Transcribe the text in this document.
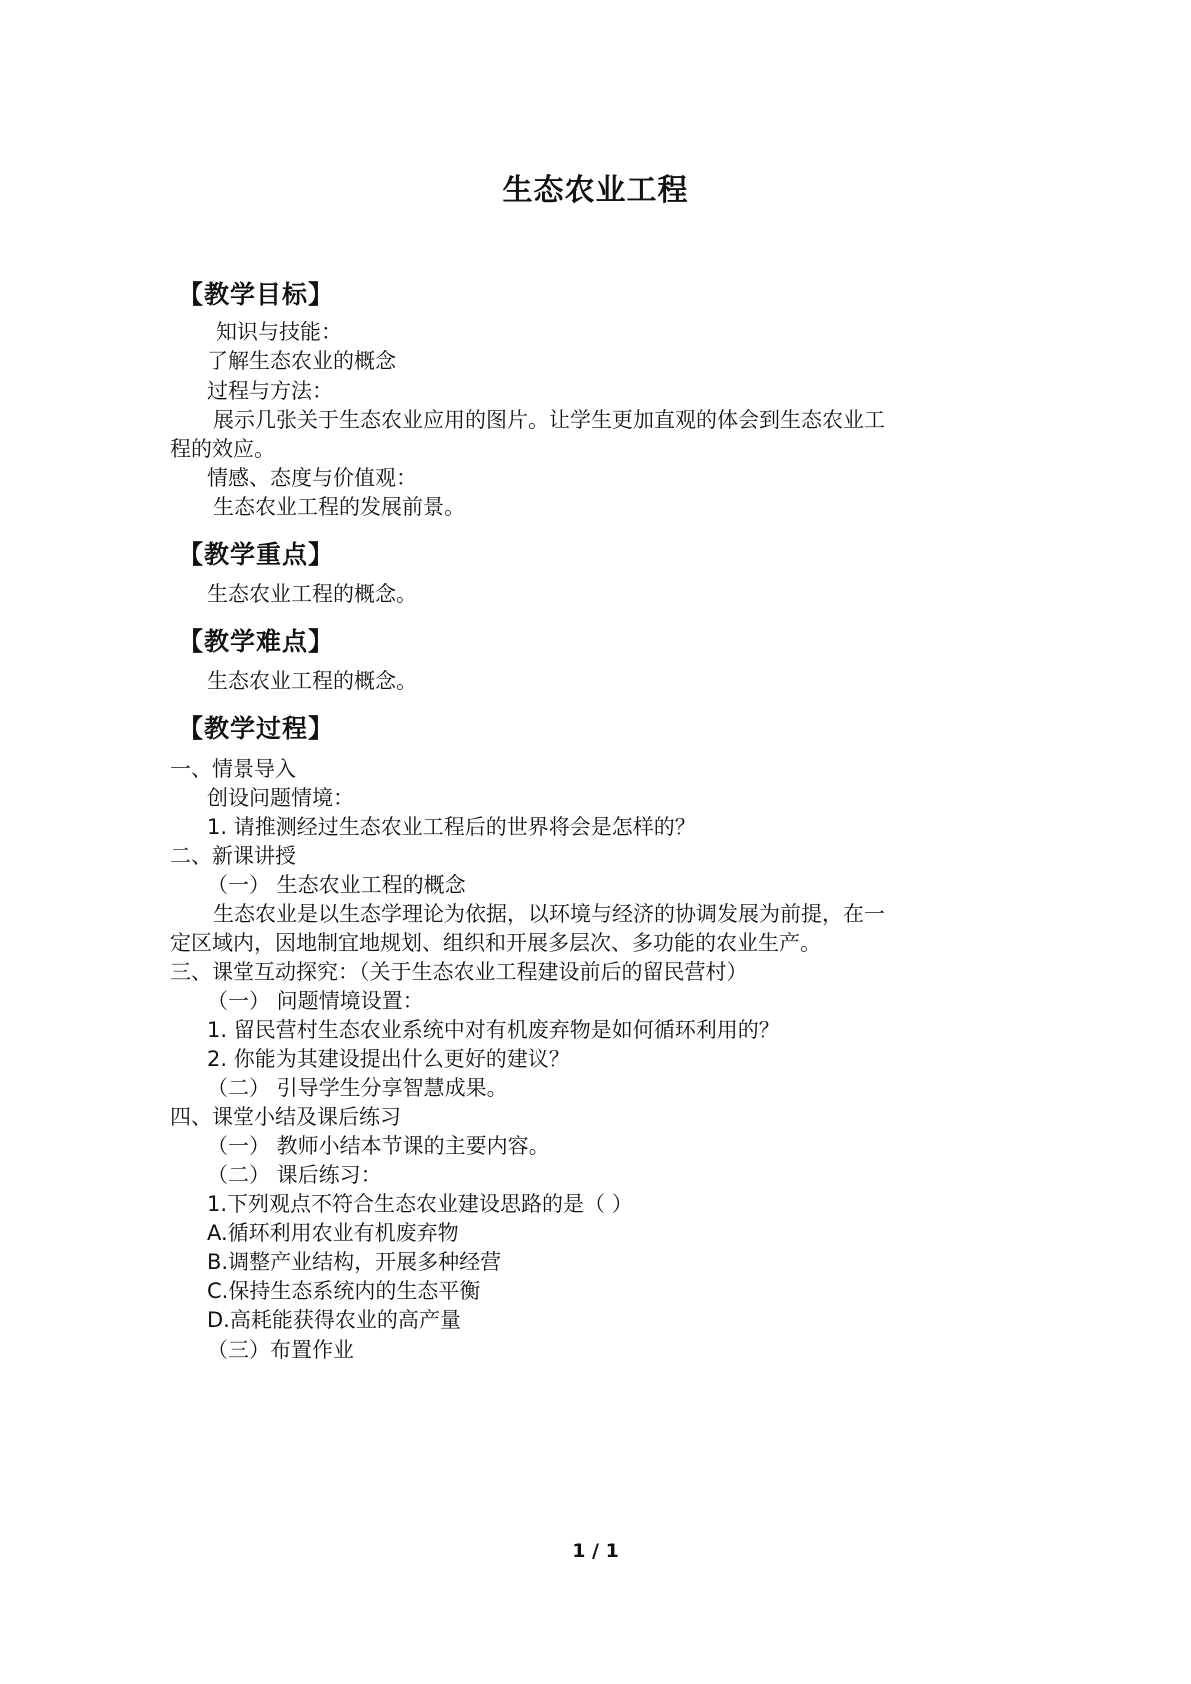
生态农业工程
【教学目标】
知识与技能：
了解生态农业的概念
过程与方法：
展示几张关于生态农业应用的图片。让学生更加直观的体会到生态农业工
程的效应。
情感、态度与价值观：
生态农业工程的发展前景。
【教学重点】
生态农业工程的概念。
【教学难点】
生态农业工程的概念。
【教学过程】
一、情景导入
创设问题情境：
1. 请推测经过生态农业工程后的世界将会是怎样的？
二、新课讲授
（一） 生态农业工程的概念
生态农业是以生态学理论为依据，以环境与经济的协调发展为前提，在一
定区域内，因地制宜地规划、组织和开展多层次、多功能的农业生产。
三、课堂互动探究：（关于生态农业工程建设前后的留民营村）
（一） 问题情境设置：
1. 留民营村生态农业系统中对有机废弃物是如何循环利用的？
2. 你能为其建设提出什么更好的建议？
（二） 引导学生分享智慧成果。
四、课堂小结及课后练习
（一） 教师小结本节课的主要内容。
（二） 课后练习：
1.下列观点不符合生态农业建设思路的是（ ）
A.循环利用农业有机废弃物
B.调整产业结构，开展多种经营
C.保持生态系统内的生态平衡
D.高耗能获得农业的高产量
（三）布置作业
1 / 1
